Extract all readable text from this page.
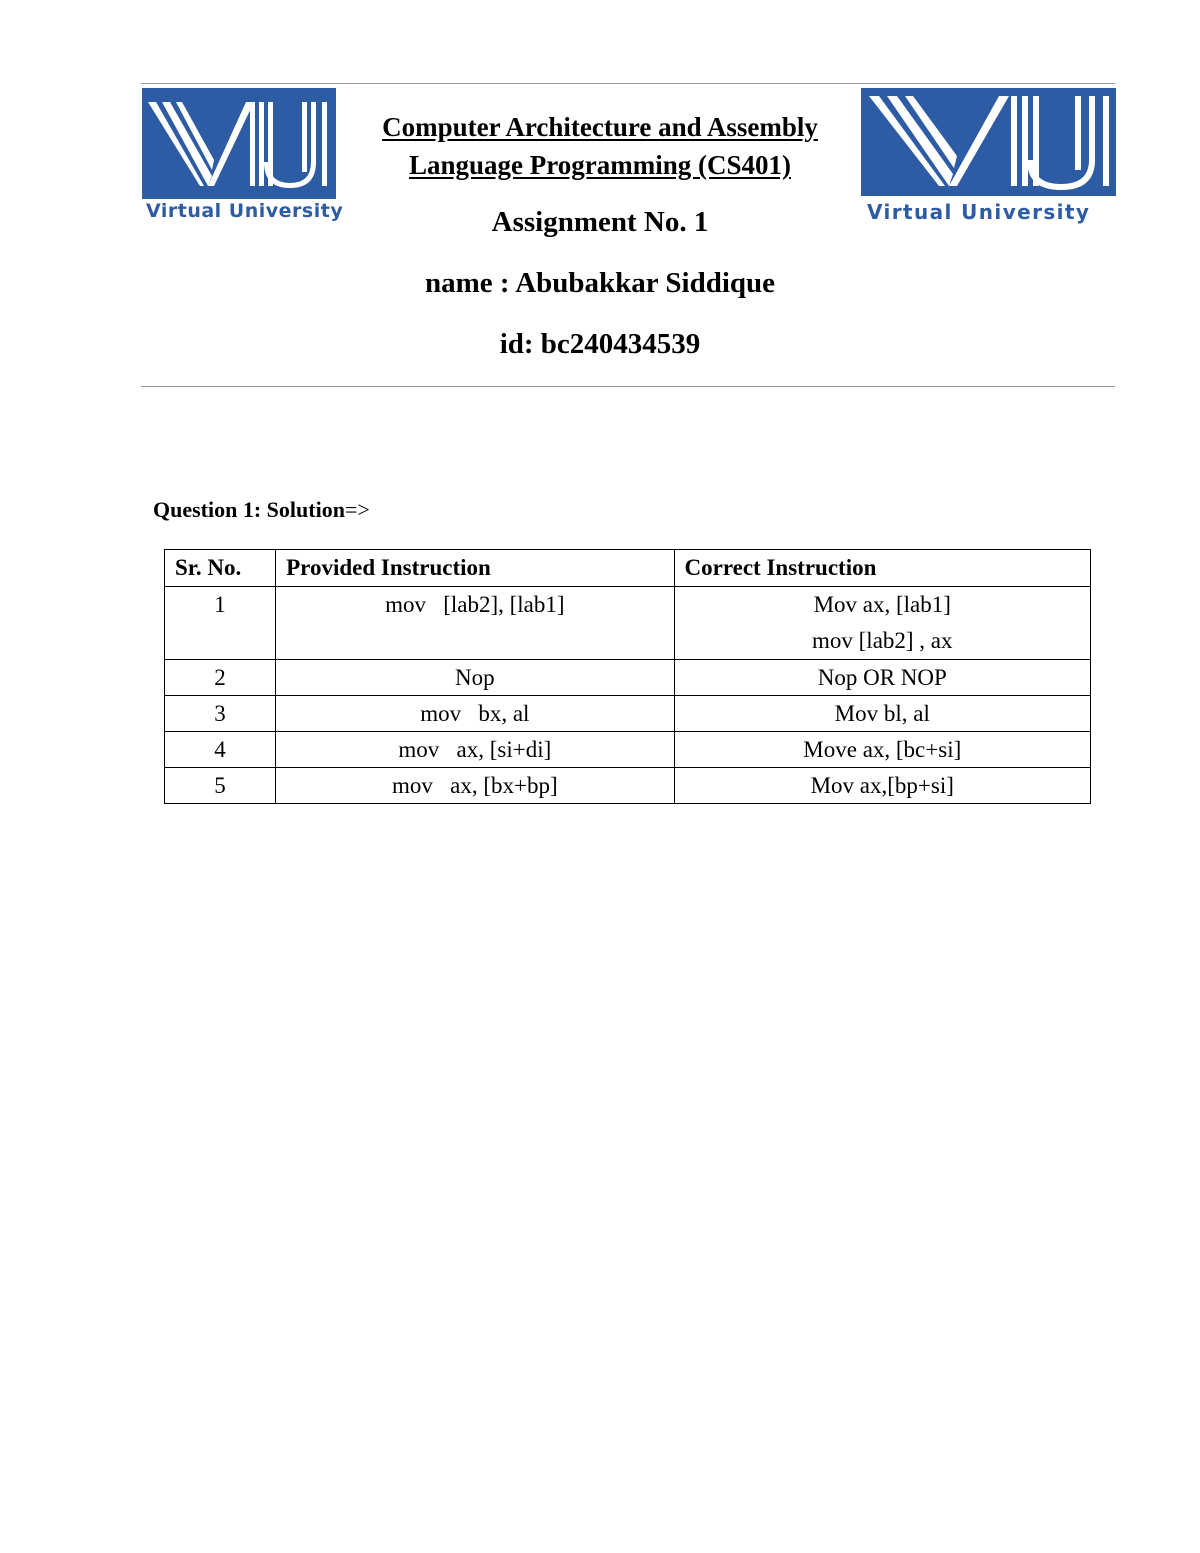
Virtual University
Computer Architecture and Assembly
Language Programming (CS401)
Virtual University
Assignment No. 1
name : Abubakkar Siddique
id: bc240434539
Question 1: Solution=>
Sr. No.	Provided Instruction	Correct Instruction
1	mov   [lab2], [lab1]	Mov ax, [lab1]
mov [lab2] , ax

2	Nop	Nop OR NOP
3	mov   bx, al	Mov bl, al
4	mov   ax, [si+di]	Move ax, [bc+si]
5	mov   ax, [bx+bp]	Mov ax,[bp+si]
